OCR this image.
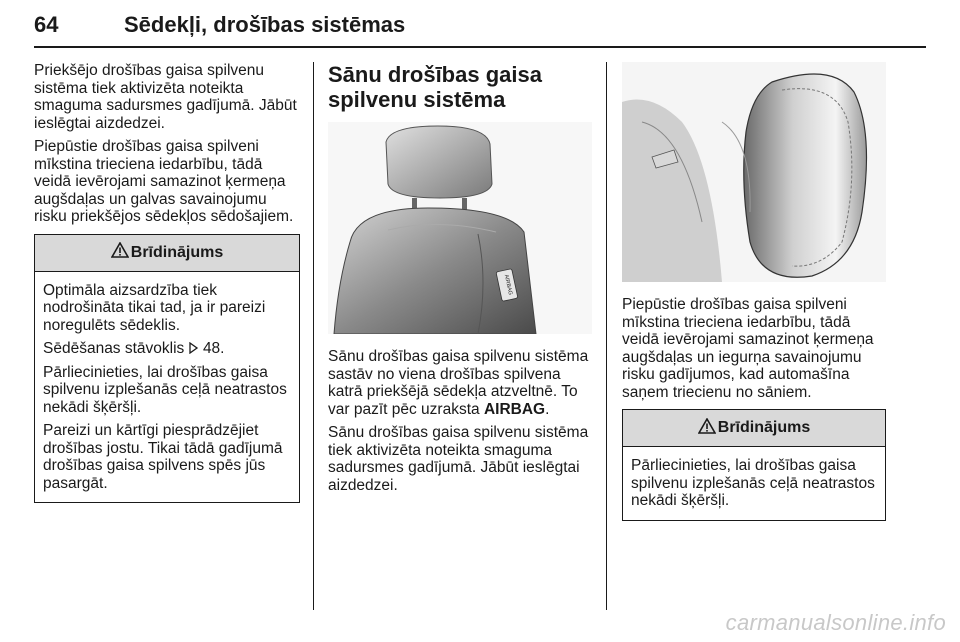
64	Sēdekļi, drošības sistēmas

Priekšējo drošības gaisa spilvenu sistēma tiek aktivizēta noteikta smaguma sadursmes gadījumā. Jābūt ieslēgtai aizdedzei.

Piepūstie drošības gaisa spilveni mīkstina trieciena iedarbību, tādā veidā ievērojami samazinot ķermeņa augšdaļas un galvas savainojumu risku priekšējos sēdekļos sēdošajiem.

Brīdinājums

Optimāla aizsardzība tiek nodrošināta tikai tad, ja ir pareizi noregulēts sēdeklis.

Sēdēšanas stāvoklis 48.

Pārliecinieties, lai drošības gaisa spilvenu izplešanās ceļā neatrastos nekādi šķēršļi.

Pareizi un kārtīgi piesprādzējiet drošības jostu. Tikai tādā gadījumā drošības gaisa spilvens spēs jūs pasargāt.

Sānu drošības gaisa spilvenu sistēma
AIRBAG

Sānu drošības gaisa spilvenu sistēma sastāv no viena drošības spilvena katrā priekšējā sēdekļa atzveltnē. To var pazīt pēc uzraksta AIRBAG.

Sānu drošības gaisa spilvenu sistēma tiek aktivizēta noteikta smaguma sadursmes gadījumā. Jābūt ieslēgtai aizdedzei.

Piepūstie drošības gaisa spilveni mīkstina trieciena iedarbību, tādā veidā ievērojami samazinot ķermeņa augšdaļas un iegurņa savainojumu risku gadījumos, kad automašīna saņem triecienu no sāniem.

Brīdinājums

Pārliecinieties, lai drošības gaisa spilvenu izplešanās ceļā neatrastos nekādi šķēršļi.

carmanualsonline.info
